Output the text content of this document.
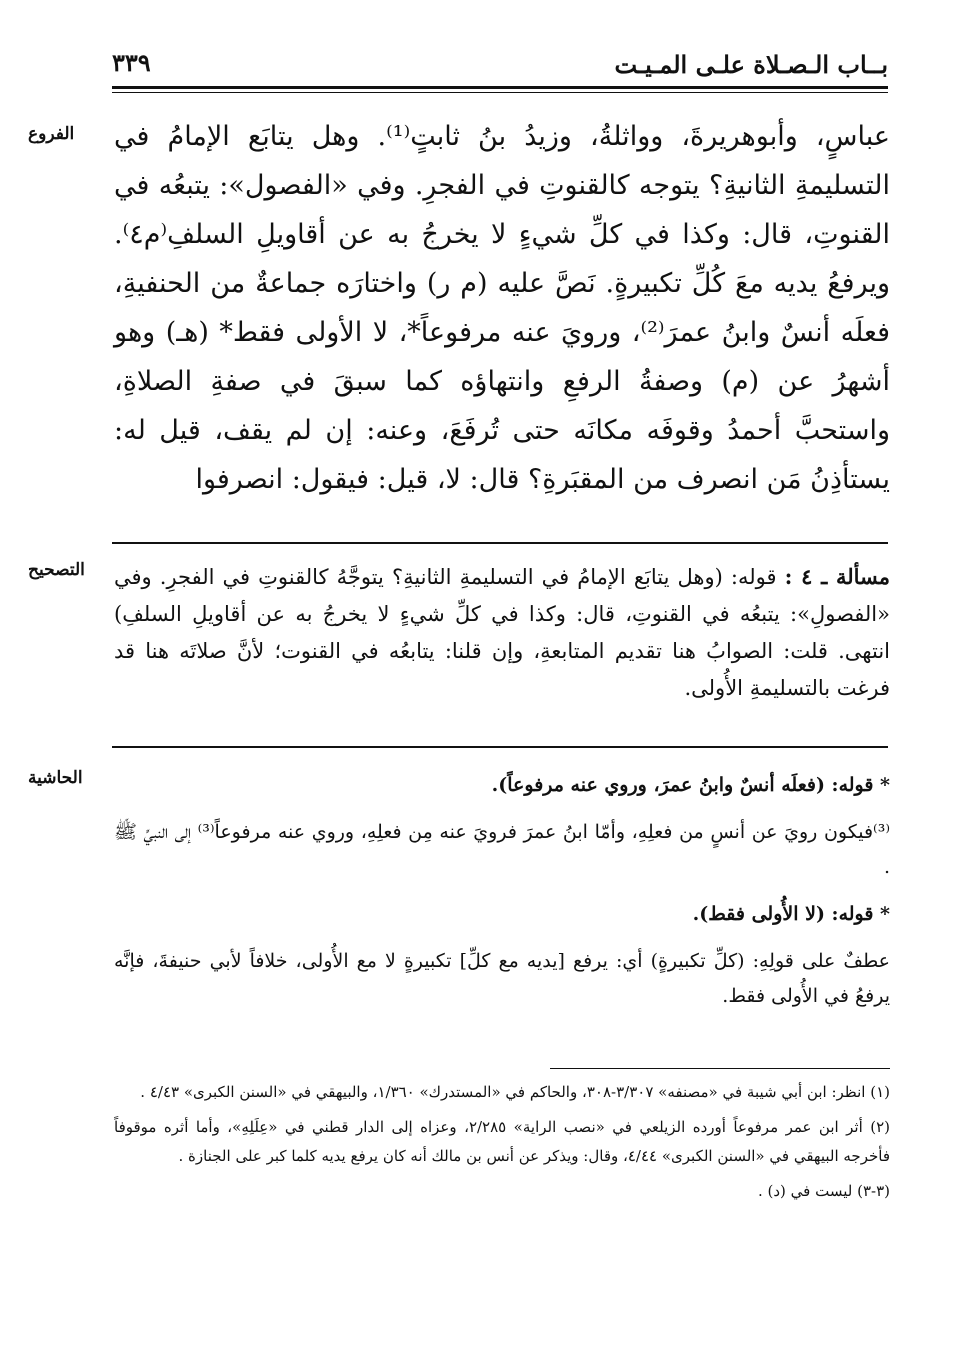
بــاب الـصـلاة علـى المـيـت
٣٣٩
الفروع عباسٍ، وأبوهريرةَ، وواثلةُ، وزيدُ بنُ ثابتٍ⁽¹⁾. وهل يتابَع الإمامُ في التسليمةِ الثانيةِ؟ يتوجه كالقنوتِ في الفجرِ. وفي «الفصول»: يتبعُه في القنوتِ، قال: وكذا في كلِّ شيءٍ لا يخرجُ به عن أقاويلِ السلفِ⁽م٤⁾. ويرفعُ يديه معَ كُلِّ تكبيرةٍ. نَصَّ عليه (م ر) واختارَه جماعةٌ من الحنفيةِ، فعلَه أنسٌ وابنُ عمرَ⁽²⁾، ورويَ عنه مرفوعاً*، لا الأولى فقط* (هـ) وهو أشهرُ عن (م) وصفةُ الرفعِ وانتهاؤه كما سبقَ في صفةِ الصلاةِ، واستحبَّ أحمدُ وقوفَه مكانَه حتى تُرفَعَ، وعنه: إن لم يقف، قيل له: يستأذِنُ مَن انصرف من المقبَرةِ؟ قال: لا، قيل: فيقول: انصرفوا
التصحيح	مسألة ـ ٤ : قوله: (وهل يتابَع الإمامُ في التسليمةِ الثانيةِ؟ يتوجَّهُ كالقنوتِ في الفجرِ. وفي «الفصولِ»: يتبعُه في القنوتِ، قال: وكذا في كلِّ شيءٍ لا يخرجُ به عن أقاويلِ السلفِ) انتهى. قلت: الصوابُ هنا تقديم المتابعةِ، وإن قلنا: يتابعُه في القنوت؛ لأنَّ صلاتَه هنا قد فرغت بالتسليمةِ الأُولى.
الحاشية	* قوله: (فعلَه أنسٌ وابنُ عمرَ، وروي عنه مرفوعاً).

⁽³⁾فيكون رويَ عن أنسٍ من فعلِهِ، وأمّا ابنُ عمرَ فرويَ عنه مِن فعلِهِ، وروي عنه مرفوعاً⁽³⁾ إلى النبيِّ ﷺ .

* قوله: (لا الأُولى فقط).

عطفٌ على قولِهِ: (كلِّ تكبيرةٍ) أي: يرفع [يديه مع كلِّ] تكبيرةٍ لا مع الأُولى، خلافاً لأبي حنيفةَ، فإنَّه يرفعُ في الأُولى فقط.

(١) انظر: ابن أبي شيبة في «مصنفه» ٣/٣٠٧-٣٠٨، والحاكم في «المستدرك» ١/٣٦٠، والبيهقي في «السنن الكبرى» ٤/٤٣ .

(٢) أثر ابن عمر مرفوعاً أورده الزيلعي في «نصب الراية» ٢/٢٨٥، وعزاه إلى الدار قطني في «عِلَلِهِ»، وأما أثره موقوفاً فأخرجه البيهقي في «السنن الكبرى» ٤/٤٤، وقال: ويذكر عن أنس بن مالك أنه كان يرفع يديه كلما كبر على الجنازة .

(٣-٣) ليست في (د) .
